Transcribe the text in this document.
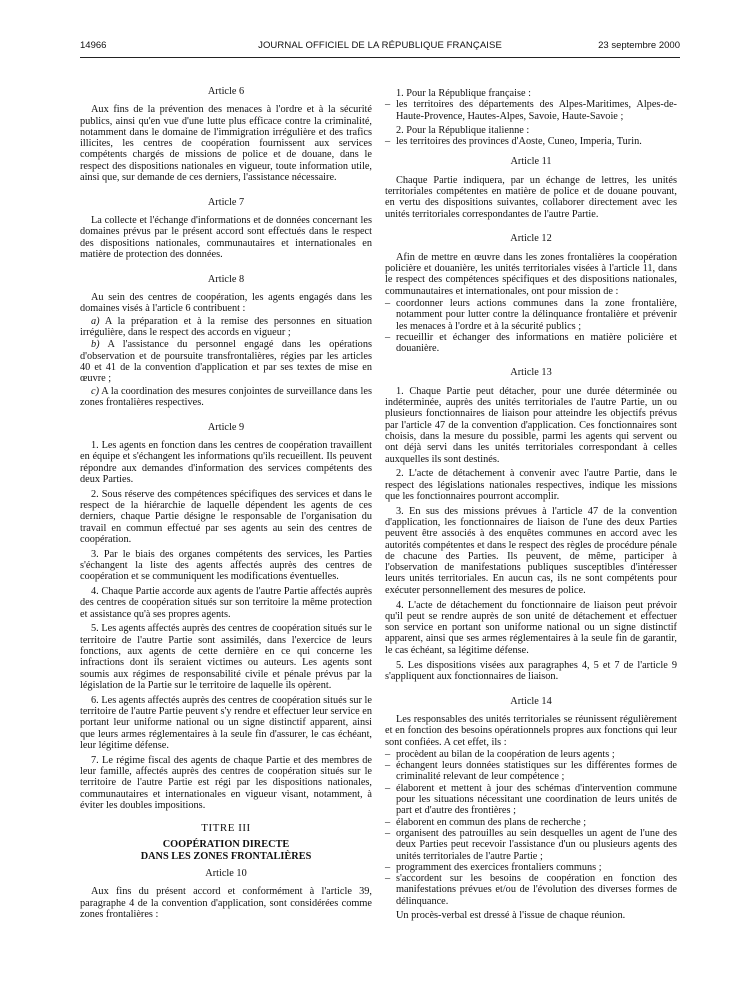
14966	JOURNAL OFFICIEL DE LA RÉPUBLIQUE FRANÇAISE	23 septembre 2000
Article 6
Aux fins de la prévention des menaces à l'ordre et à la sécurité publics, ainsi qu'en vue d'une lutte plus efficace contre la criminalité, notamment dans le domaine de l'immigration irrégulière et des trafics illicites, les centres de coopération fournissent aux services compétents chargés de missions de police et de douane, dans le respect des dispositions nationales en vigueur, toute information utile, ainsi que, sur demande de ces derniers, l'assistance nécessaire.
Article 7
La collecte et l'échange d'informations et de données concernant les domaines prévus par le présent accord sont effectués dans le respect des dispositions nationales, communautaires et internationales en matière de protection des données.
Article 8
Au sein des centres de coopération, les agents engagés dans les domaines visés à l'article 6 contribuent :
a) A la préparation et à la remise des personnes en situation irrégulière, dans le respect des accords en vigueur ;
b) A l'assistance du personnel engagé dans les opérations d'observation et de poursuite transfrontalières, régies par les articles 40 et 41 de la convention d'application et par ses textes de mise en œuvre ;
c) A la coordination des mesures conjointes de surveillance dans les zones frontalières respectives.
Article 9
1. Les agents en fonction dans les centres de coopération travaillent en équipe et s'échangent les informations qu'ils recueillent. Ils peuvent répondre aux demandes d'information des services compétents des deux Parties.
2. Sous réserve des compétences spécifiques des services et dans le respect de la hiérarchie de laquelle dépendent les agents de ces derniers, chaque Partie désigne le responsable de l'organisation du travail en commun effectué par ses agents au sein des centres de coopération.
3. Par le biais des organes compétents des services, les Parties s'échangent la liste des agents affectés auprès des centres de coopération et se communiquent les modifications éventuelles.
4. Chaque Partie accorde aux agents de l'autre Partie affectés auprès des centres de coopération situés sur son territoire la même protection et assistance qu'à ses propres agents.
5. Les agents affectés auprès des centres de coopération situés sur le territoire de l'autre Partie sont assimilés, dans l'exercice de leurs fonctions, aux agents de cette dernière en ce qui concerne les infractions dont ils seraient victimes ou auteurs. Les agents sont soumis aux régimes de responsabilité civile et pénale prévus par la législation de la Partie sur le territoire de laquelle ils opèrent.
6. Les agents affectés auprès des centres de coopération situés sur le territoire de l'autre Partie peuvent s'y rendre et effectuer leur service en portant leur uniforme national ou un signe distinctif apparent, ainsi que leurs armes réglementaires à la seule fin d'assurer, le cas échéant, leur légitime défense.
7. Le régime fiscal des agents de chaque Partie et des membres de leur famille, affectés auprès des centres de coopération situés sur le territoire de l'autre Partie est régi par les dispositions nationales, communautaires et internationales en vigueur visant, notamment, à éviter les doubles impositions.
TITRE III
COOPÉRATION DIRECTE
DANS LES ZONES FRONTALIÈRES
Article 10
Aux fins du présent accord et conformément à l'article 39, paragraphe 4 de la convention d'application, sont considérées comme zones frontalières :
1. Pour la République française :
– les territoires des départements des Alpes-Maritimes, Alpes-de-Haute-Provence, Hautes-Alpes, Savoie, Haute-Savoie ;
2. Pour la République italienne :
– les territoires des provinces d'Aoste, Cuneo, Imperia, Turin.
Article 11
Chaque Partie indiquera, par un échange de lettres, les unités territoriales compétentes en matière de police et de douane pouvant, en vertu des dispositions suivantes, collaborer directement avec les unités territoriales correspondantes de l'autre Partie.
Article 12
Afin de mettre en œuvre dans les zones frontalières la coopération policière et douanière, les unités territoriales visées à l'article 11, dans le respect des compétences spécifiques et des dispositions nationales, communautaires et internationales, ont pour mission de :
– coordonner leurs actions communes dans la zone frontalière, notamment pour lutter contre la délinquance frontalière et prévenir les menaces à l'ordre et à la sécurité publics ;
– recueillir et échanger des informations en matière policière et douanière.
Article 13
1. Chaque Partie peut détacher, pour une durée déterminée ou indéterminée, auprès des unités territoriales de l'autre Partie, un ou plusieurs fonctionnaires de liaison pour atteindre les objectifs prévus par l'article 47 de la convention d'application. Ces fonctionnaires sont choisis, dans la mesure du possible, parmi les agents qui servent ou ont déjà servi dans les unités territoriales correspondant à celles auxquelles ils sont destinés.
2. L'acte de détachement à convenir avec l'autre Partie, dans le respect des législations nationales respectives, indique les missions que les fonctionnaires pourront accomplir.
3. En sus des missions prévues à l'article 47 de la convention d'application, les fonctionnaires de liaison de l'une des deux Parties peuvent être associés à des enquêtes communes en accord avec les autorités compétentes et dans le respect des règles de procédure pénale de chacune des Parties. Ils peuvent, de même, participer à l'observation de manifestations publiques susceptibles d'intéresser leurs unités territoriales. En aucun cas, ils ne sont compétents pour exécuter personnellement des mesures de police.
4. L'acte de détachement du fonctionnaire de liaison peut prévoir qu'il peut se rendre auprès de son unité de détachement et effectuer son service en portant son uniforme national ou un signe distinctif apparent, ainsi que ses armes réglementaires à la seule fin de garantir, le cas échéant, sa légitime défense.
5. Les dispositions visées aux paragraphes 4, 5 et 7 de l'article 9 s'appliquent aux fonctionnaires de liaison.
Article 14
Les responsables des unités territoriales se réunissent régulièrement et en fonction des besoins opérationnels propres aux fonctions qui leur sont confiées. A cet effet, ils :
– procèdent au bilan de la coopération de leurs agents ;
– échangent leurs données statistiques sur les différentes formes de criminalité relevant de leur compétence ;
– élaborent et mettent à jour des schémas d'intervention commune pour les situations nécessitant une coordination de leurs unités de part et d'autre des frontières ;
– élaborent en commun des plans de recherche ;
– organisent des patrouilles au sein desquelles un agent de l'une des deux Parties peut recevoir l'assistance d'un ou plusieurs agents des unités territoriales de l'autre Partie ;
– programment des exercices frontaliers communs ;
– s'accordent sur les besoins de coopération en fonction des manifestations prévues et/ou de l'évolution des diverses formes de délinquance.
Un procès-verbal est dressé à l'issue de chaque réunion.
